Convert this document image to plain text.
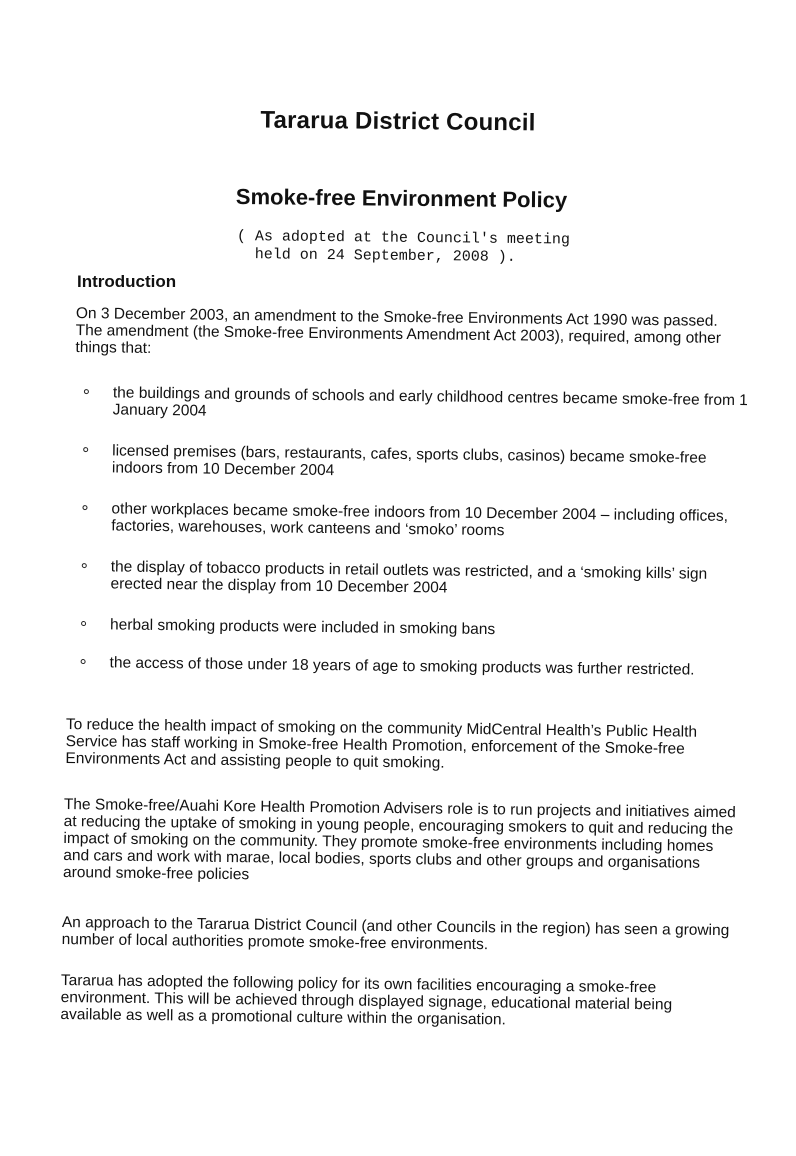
Tararua District Council
Smoke-free Environment Policy
( As adopted at the Council's meeting
held on 24 September, 2008 ).
Introduction
On 3 December 2003, an amendment to the Smoke-free Environments Act 1990 was passed. The amendment (the Smoke-free Environments Amendment Act 2003), required, among other things that:
the buildings and grounds of schools and early childhood centres became smoke-free from 1 January 2004
licensed premises (bars, restaurants, cafes, sports clubs, casinos) became smoke-free indoors from 10 December 2004
other workplaces became smoke-free indoors from 10 December 2004 – including offices, factories, warehouses, work canteens and ‘smoko’ rooms
the display of tobacco products in retail outlets was restricted, and a ‘smoking kills’ sign erected near the display from 10 December 2004
herbal smoking products were included in smoking bans
the access of those under 18 years of age to smoking products was further restricted.
To reduce the health impact of smoking on the community MidCentral Health’s Public Health Service has staff working in Smoke-free Health Promotion, enforcement of the Smoke-free Environments Act and assisting people to quit smoking.
The Smoke-free/Auahi Kore Health Promotion Advisers role is to run projects and initiatives aimed at reducing the uptake of smoking in young people, encouraging smokers to quit and reducing the impact of smoking on the community. They promote smoke-free environments including homes and cars and work with marae, local bodies, sports clubs and other groups and organisations around smoke-free policies
An approach to the Tararua District Council (and other Councils in the region) has seen a growing number of local authorities promote smoke-free environments.
Tararua has adopted the following policy for its own facilities encouraging a smoke-free environment. This will be achieved through displayed signage, educational material being available as well as a promotional culture within the organisation.
